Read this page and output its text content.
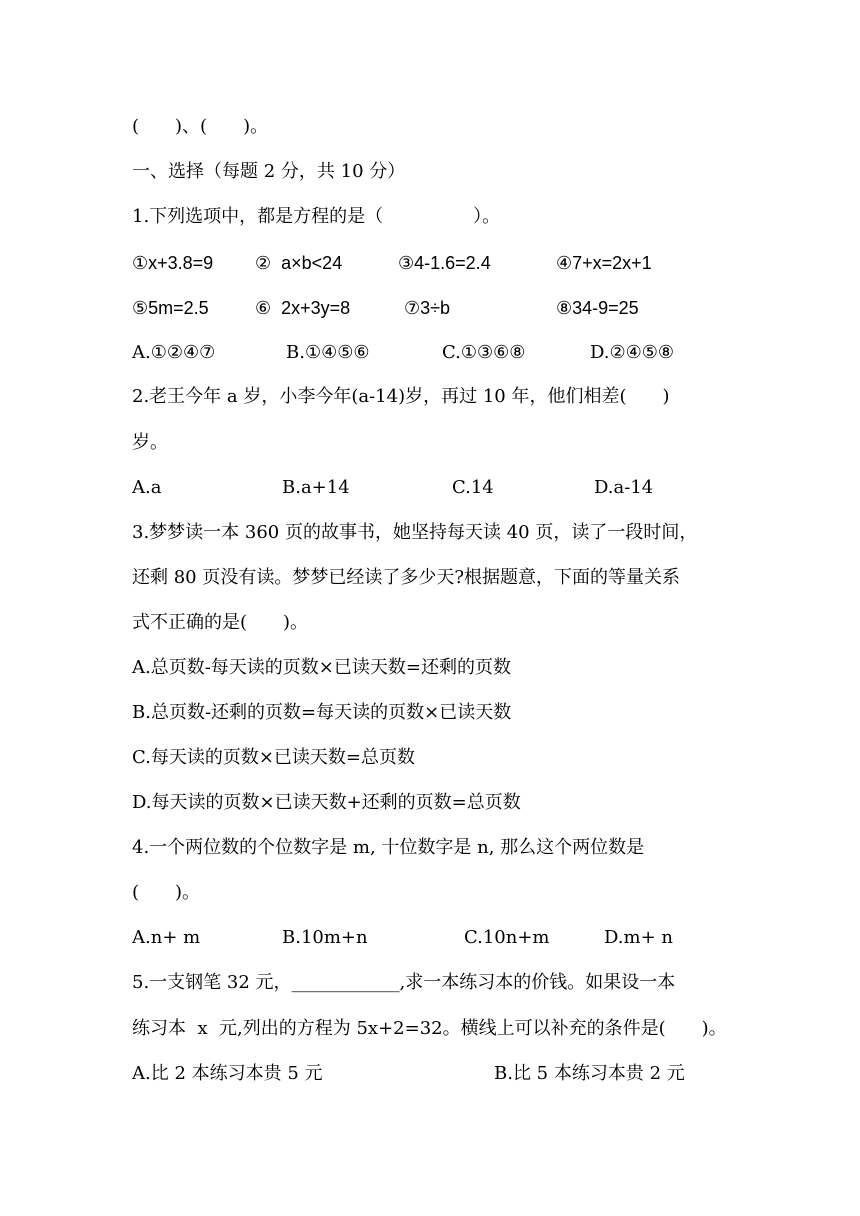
(　　)、(　　)。
一、选择（每题 2 分，共 10 分）
1.下列选项中，都是方程的是（　　　　　）。
①x+3.8=9 ②  a×b<24	③4-1.6=2.4	④7+x=2x+1
⑤5m=2.5	⑥  2x+3y=8	⑦3÷b	⑧34-9=25
A.①②④⑦	B.①④⑤⑥	C.①③⑥⑧	D.②④⑤⑧
2.老王今年 a 岁，小李今年(a-14)岁，再过 10 年，他们相差(　　)
岁。
A.a	B.a+14	C.14	D.a-14
3.梦梦读一本 360 页的故事书，她坚持每天读 40 页，读了一段时间，
还剩 80 页没有读。梦梦已经读了多少天?根据题意，下面的等量关系
式不正确的是(　　)。
A.总页数-每天读的页数×已读天数=还剩的页数
B.总页数-还剩的页数=每天读的页数×已读天数
C.每天读的页数×已读天数=总页数
D.每天读的页数×已读天数+还剩的页数=总页数
4.一个两位数的个位数字是 m, 十位数字是 n, 那么这个两位数是
(　　)。
A.n+ m	B.10m+n	C.10n+m	D.m+ n
5.一支钢笔 32 元，____________,求一本练习本的价钱。如果设一本
练习本  x  元,列出的方程为 5x+2=32。横线上可以补充的条件是(　　)。
A.比 2 本练习本贵 5 元	B.比 5 本练习本贵 2 元
